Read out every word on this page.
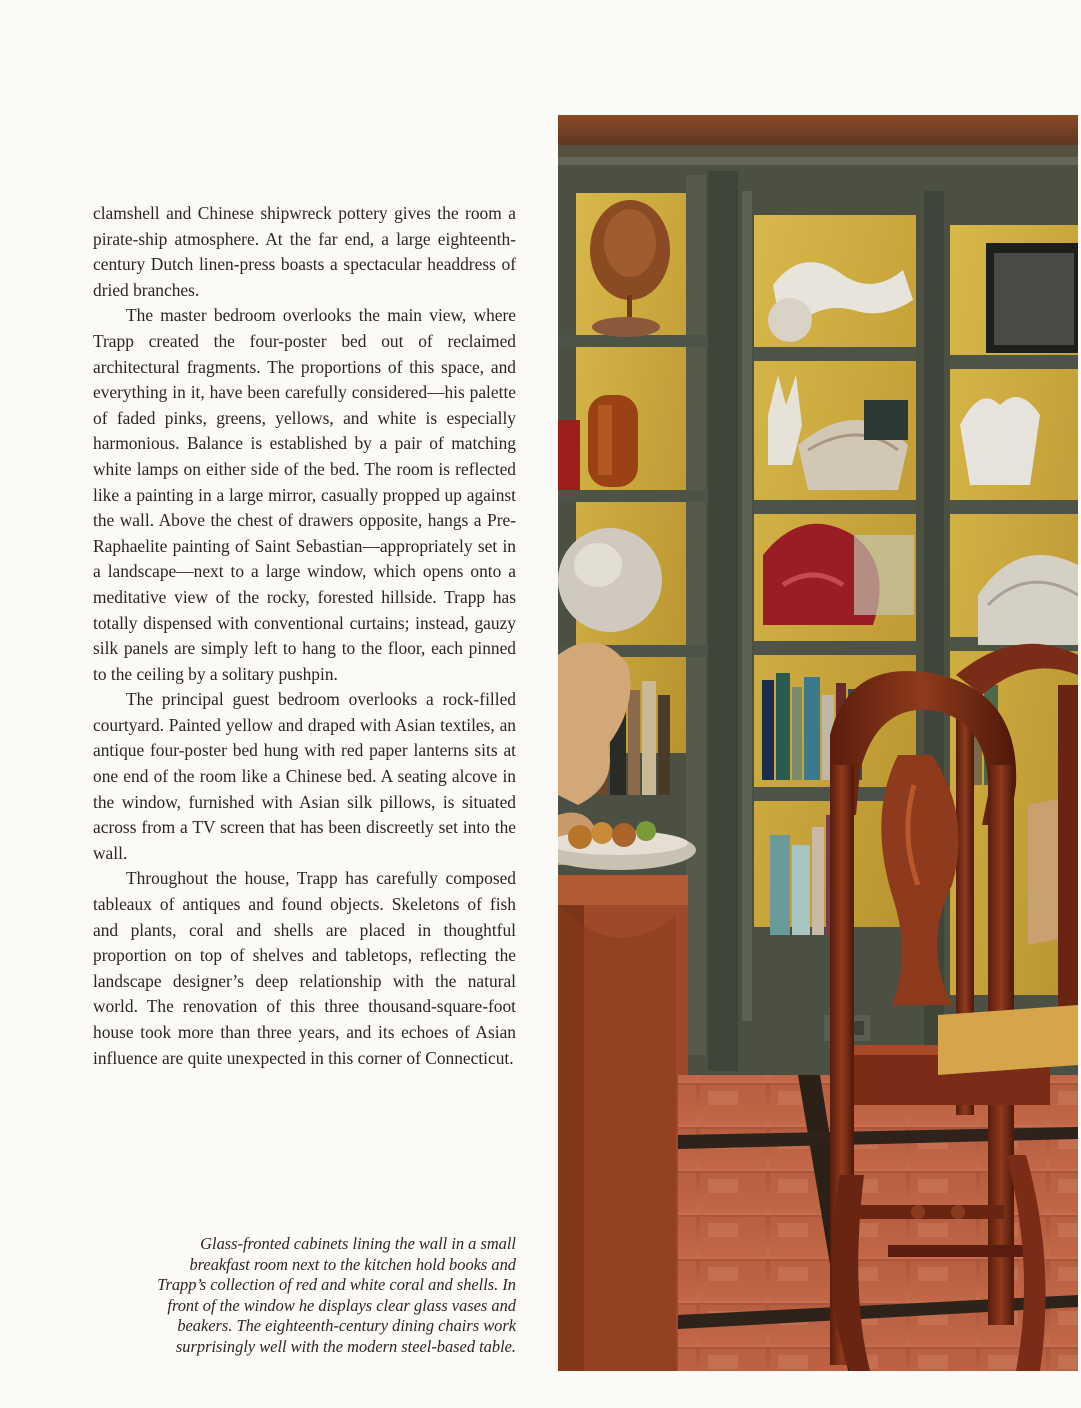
clamshell and Chinese shipwreck pottery gives the room a pirate-ship atmosphere. At the far end, a large eighteenth-century Dutch linen-press boasts a spectacular headdress of dried branches.

The master bedroom overlooks the main view, where Trapp created the four-poster bed out of reclaimed architectural fragments. The proportions of this space, and everything in it, have been carefully considered—his palette of faded pinks, greens, yellows, and white is especially harmonious. Balance is established by a pair of matching white lamps on either side of the bed. The room is reflected like a painting in a large mirror, casually propped up against the wall. Above the chest of drawers opposite, hangs a Pre-Raphaelite painting of Saint Sebastian—appropriately set in a landscape—next to a large window, which opens onto a meditative view of the rocky, forested hillside. Trapp has totally dispensed with conventional curtains; instead, gauzy silk panels are simply left to hang to the floor, each pinned to the ceiling by a solitary pushpin.

The principal guest bedroom overlooks a rock-filled courtyard. Painted yellow and draped with Asian textiles, an antique four-poster bed hung with red paper lanterns sits at one end of the room like a Chinese bed. A seating alcove in the window, furnished with Asian silk pillows, is situated across from a TV screen that has been discreetly set into the wall.

Throughout the house, Trapp has carefully composed tableaux of antiques and found objects. Skeletons of fish and plants, coral and shells are placed in thoughtful proportion on top of shelves and tabletops, reflecting the landscape designer’s deep relationship with the natural world. The renovation of this three thousand-square-foot house took more than three years, and its echoes of Asian influence are quite unexpected in this corner of Connecticut.

Glass-fronted cabinets lining the wall in a small breakfast room next to the kitchen hold books and Trapp’s collection of red and white coral and shells. In front of the window he displays clear glass vases and beakers. The eighteenth-century dining chairs work surprisingly well with the modern steel-based table.
